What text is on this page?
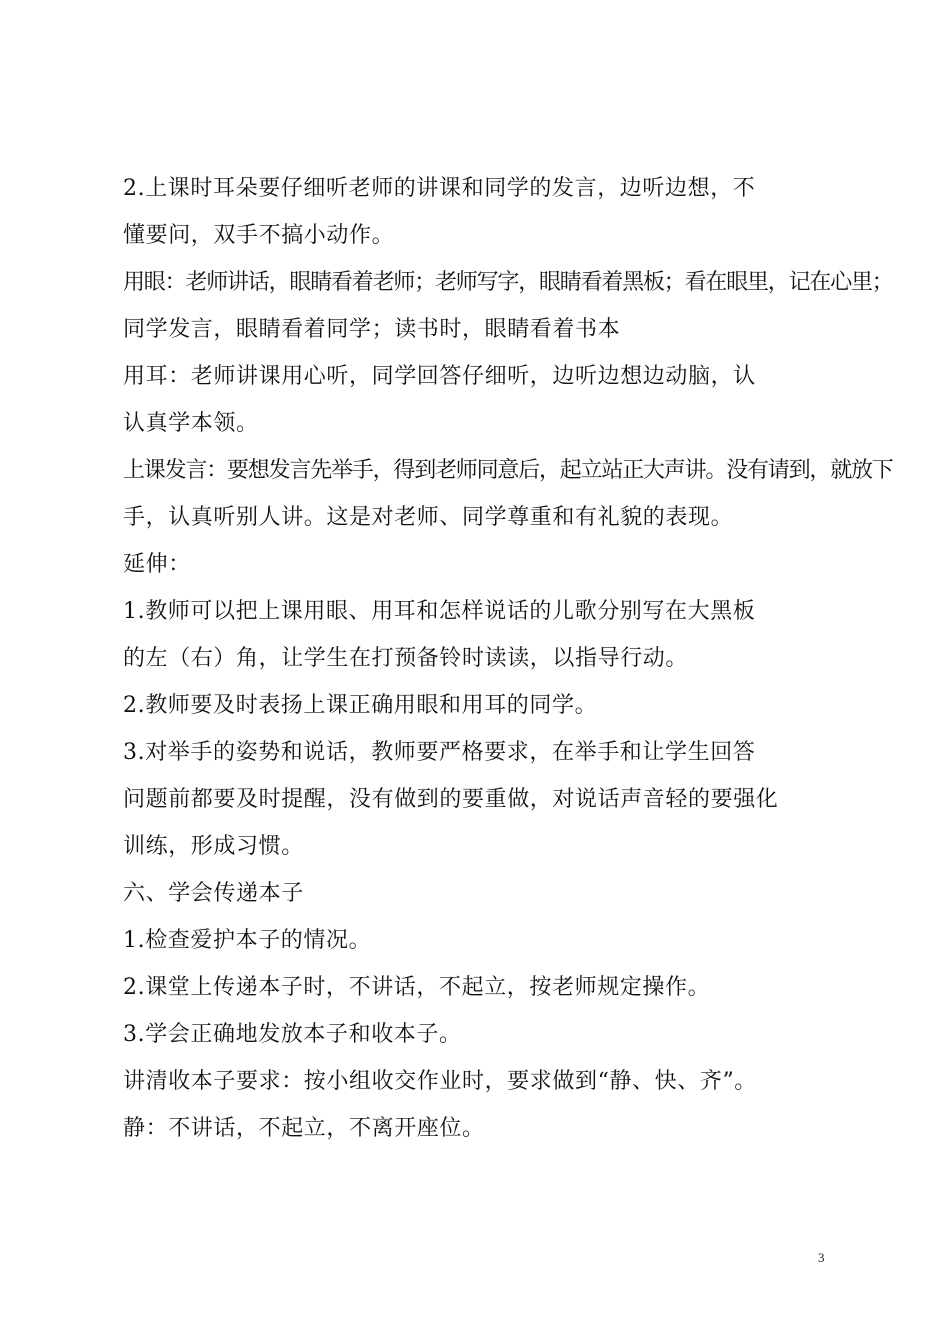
2.上课时耳朵要仔细听老师的讲课和同学的发言，边听边想，不

懂要问，双手不搞小动作。

用眼：老师讲话，眼睛看着老师；老师写字，眼睛看着黑板；看在眼里，记在心里；

同学发言，眼睛看着同学；读书时，眼睛看着书本

用耳：老师讲课用心听，同学回答仔细听，边听边想边动脑，认

认真学本领。

上课发言：要想发言先举手，得到老师同意后，起立站正大声讲。没有请到，就放下

手，认真听别人讲。这是对老师、同学尊重和有礼貌的表现。

延伸：

1.教师可以把上课用眼、用耳和怎样说话的儿歌分别写在大黑板

的左（右）角，让学生在打预备铃时读读，以指导行动。

2.教师要及时表扬上课正确用眼和用耳的同学。

3.对举手的姿势和说话，教师要严格要求，在举手和让学生回答

问题前都要及时提醒，没有做到的要重做，对说话声音轻的要强化

训练，形成习惯。

六、学会传递本子

1.检查爱护本子的情况。

2.课堂上传递本子时，不讲话，不起立，按老师规定操作。

3.学会正确地发放本子和收本子。

讲清收本子要求：按小组收交作业时，要求做到“静、快、齐”。

静：不讲话，不起立，不离开座位。

3
